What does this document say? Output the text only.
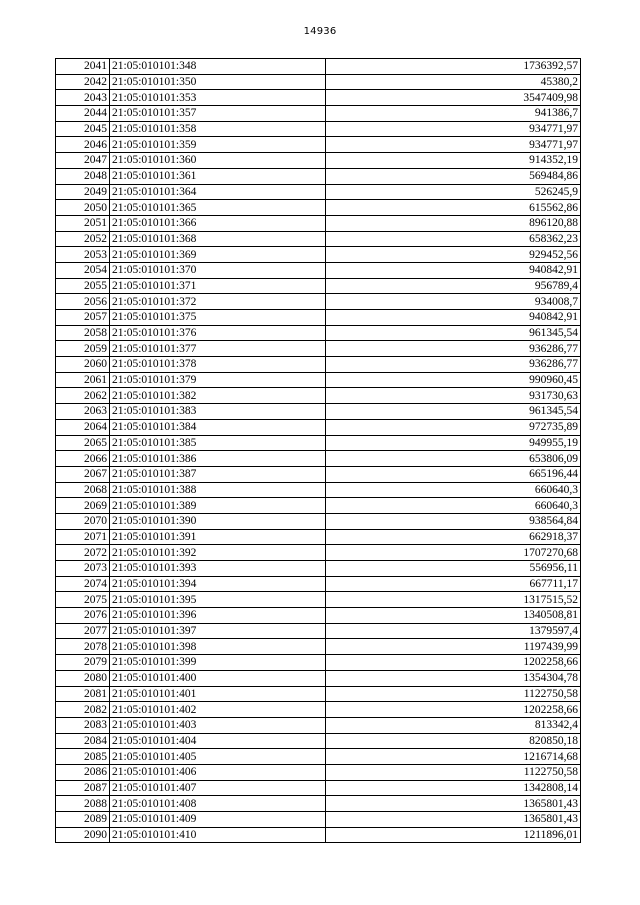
14936
2041	21:05:010101:348	1736392,57
2042	21:05:010101:350	45380,2
2043	21:05:010101:353	3547409,98
2044	21:05:010101:357	941386,7
2045	21:05:010101:358	934771,97
2046	21:05:010101:359	934771,97
2047	21:05:010101:360	914352,19
2048	21:05:010101:361	569484,86
2049	21:05:010101:364	526245,9
2050	21:05:010101:365	615562,86
2051	21:05:010101:366	896120,88
2052	21:05:010101:368	658362,23
2053	21:05:010101:369	929452,56
2054	21:05:010101:370	940842,91
2055	21:05:010101:371	956789,4
2056	21:05:010101:372	934008,7
2057	21:05:010101:375	940842,91
2058	21:05:010101:376	961345,54
2059	21:05:010101:377	936286,77
2060	21:05:010101:378	936286,77
2061	21:05:010101:379	990960,45
2062	21:05:010101:382	931730,63
2063	21:05:010101:383	961345,54
2064	21:05:010101:384	972735,89
2065	21:05:010101:385	949955,19
2066	21:05:010101:386	653806,09
2067	21:05:010101:387	665196,44
2068	21:05:010101:388	660640,3
2069	21:05:010101:389	660640,3
2070	21:05:010101:390	938564,84
2071	21:05:010101:391	662918,37
2072	21:05:010101:392	1707270,68
2073	21:05:010101:393	556956,11
2074	21:05:010101:394	667711,17
2075	21:05:010101:395	1317515,52
2076	21:05:010101:396	1340508,81
2077	21:05:010101:397	1379597,4
2078	21:05:010101:398	1197439,99
2079	21:05:010101:399	1202258,66
2080	21:05:010101:400	1354304,78
2081	21:05:010101:401	1122750,58
2082	21:05:010101:402	1202258,66
2083	21:05:010101:403	813342,4
2084	21:05:010101:404	820850,18
2085	21:05:010101:405	1216714,68
2086	21:05:010101:406	1122750,58
2087	21:05:010101:407	1342808,14
2088	21:05:010101:408	1365801,43
2089	21:05:010101:409	1365801,43
2090	21:05:010101:410	1211896,01
